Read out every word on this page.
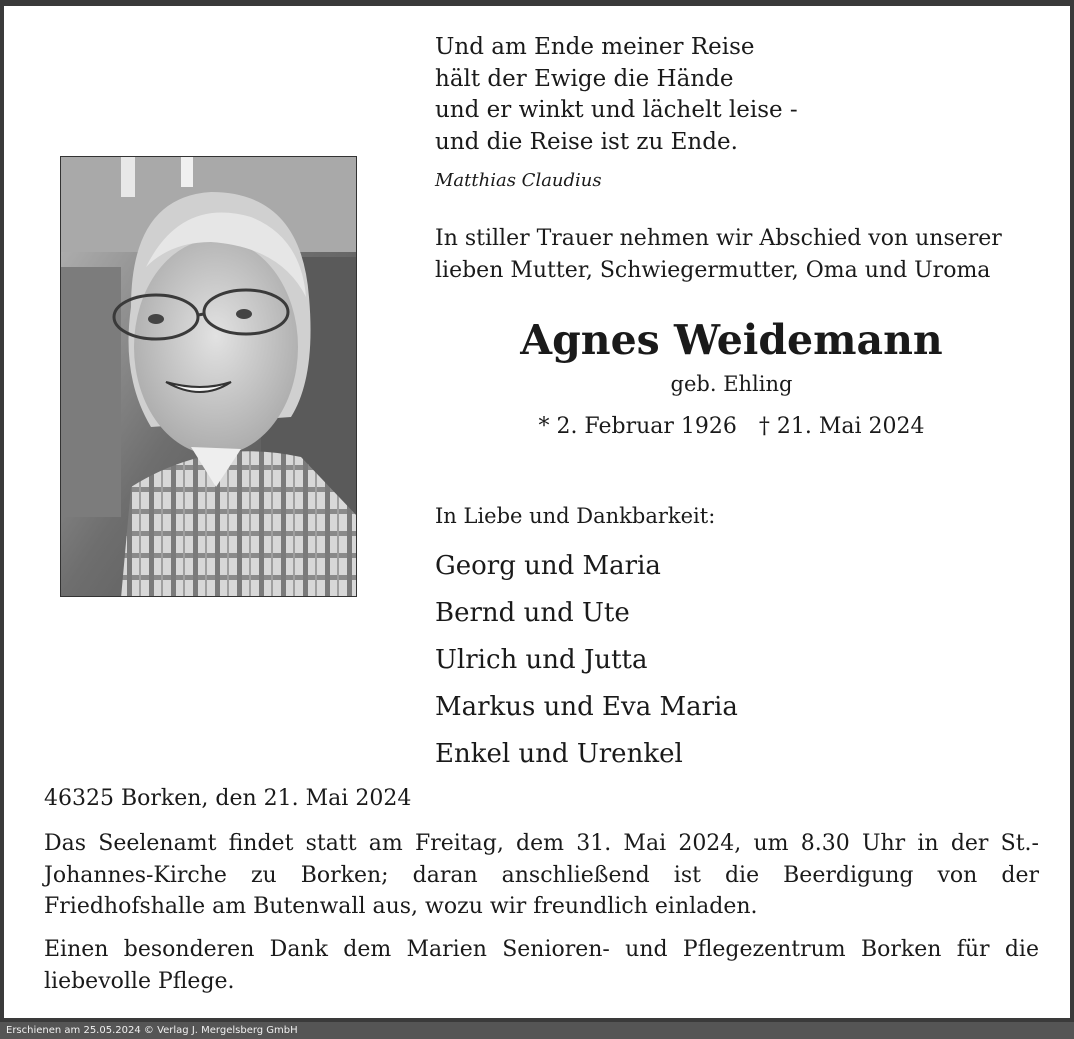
Und am Ende meiner Reise
hält der Ewige die Hände
und er winkt und lächelt leise -
und die Reise ist zu Ende.
Matthias Claudius
In stiller Trauer nehmen wir Abschied von unserer
lieben Mutter, Schwiegermutter, Oma und Uroma
Agnes Weidemann
geb. Ehling
* 2. Februar 1926 † 21. Mai 2024
In Liebe und Dankbarkeit:
Georg und Maria
Bernd und Ute
Ulrich und Jutta
Markus und Eva Maria
Enkel und Urenkel
46325 Borken, den 21. Mai 2024
Das Seelenamt findet statt am Freitag, dem 31. Mai 2024, um 8.30 Uhr in der St.-Johannes-Kirche zu Borken; daran anschließend ist die Beerdigung von der Friedhofshalle am Butenwall aus, wozu wir freundlich einladen.
Einen besonderen Dank dem Marien Senioren- und Pflegezentrum Borken für die liebevolle Pflege.
Erschienen am 25.05.2024 © Verlag J. Mergelsberg GmbH
